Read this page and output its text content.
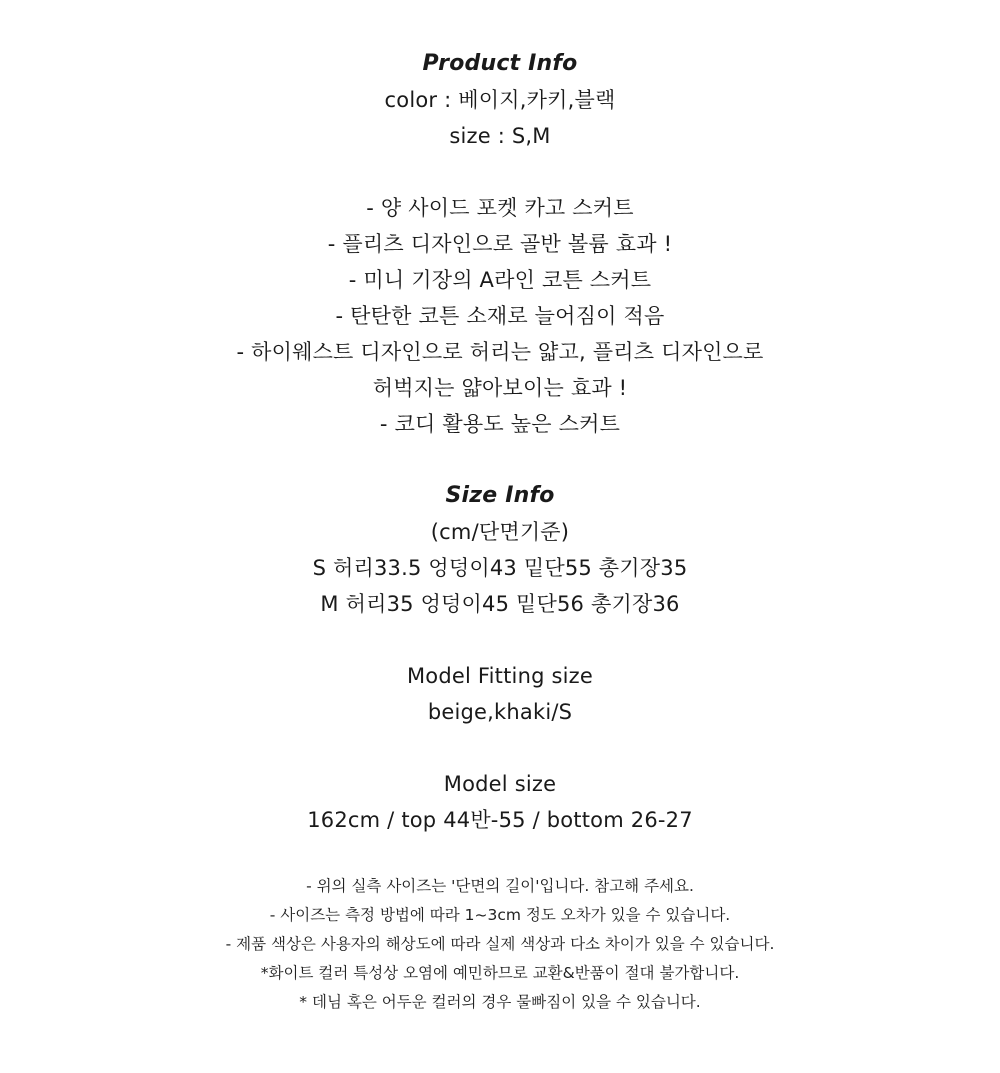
Product Info
color : 베이지,카키,블랙
size : S,M
- 양 사이드 포켓 카고 스커트
- 플리츠 디자인으로 골반 볼륨 효과 !
- 미니 기장의 A라인 코튼 스커트
- 탄탄한 코튼 소재로 늘어짐이 적음
- 하이웨스트 디자인으로 허리는 얇고, 플리츠 디자인으로
허벅지는 얇아보이는 효과 !
- 코디 활용도 높은 스커트
Size Info
(cm/단면기준)
S 허리33.5 엉덩이43 밑단55 총기장35
M 허리35 엉덩이45 밑단56 총기장36
Model Fitting size
beige,khaki/S
Model size
162cm / top 44반-55 / bottom 26-27
- 위의 실측 사이즈는 '단면의 길이'입니다. 참고해 주세요.
- 사이즈는 측정 방법에 따라 1~3cm 정도 오차가 있을 수 있습니다.
- 제품 색상은 사용자의 해상도에 따라 실제 색상과 다소 차이가 있을 수 있습니다.
*화이트 컬러 특성상 오염에 예민하므로 교환&반품이 절대 불가합니다.
* 데님 혹은 어두운 컬러의 경우 물빠짐이 있을 수 있습니다.
